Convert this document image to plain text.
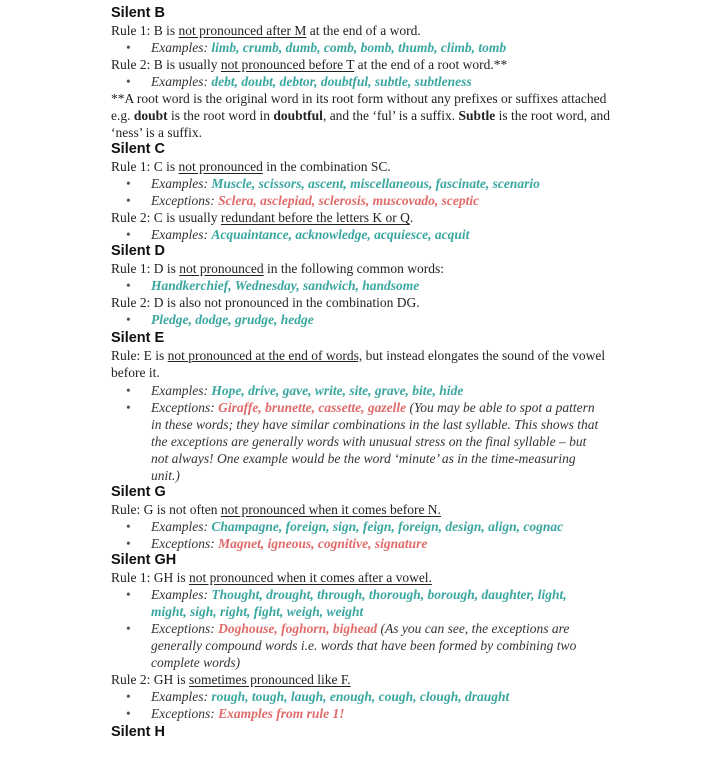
Silent B

Rule 1: B is not pronounced after M at the end of a word.

• Examples: limb, crumb, dumb, comb, bomb, thumb, climb, tomb

Rule 2: B is usually not pronounced before T at the end of a root word.**

• Examples: debt, doubt, debtor, doubtful, subtle, subtleness

**A root word is the original word in its root form without any prefixes or suffixes attached e.g. doubt is the root word in doubtful, and the ‘ful’ is a suffix. Subtle is the root word, and ‘ness’ is a suffix.

Silent C

Rule 1: C is not pronounced in the combination SC.

• Examples: Muscle, scissors, ascent, miscellaneous, fascinate, scenario

• Exceptions: Sclera, asclepiad, sclerosis, muscovado, sceptic

Rule 2: C is usually redundant before the letters K or Q.

• Examples: Acquaintance, acknowledge, acquiesce, acquit

Silent D

Rule 1: D is not pronounced in the following common words:

• Handkerchief, Wednesday, sandwich, handsome

Rule 2: D is also not pronounced in the combination DG.

• Pledge, dodge, grudge, hedge

Silent E

Rule: E is not pronounced at the end of words, but instead elongates the sound of the vowel before it.

• Examples: Hope, drive, gave, write, site, grave, bite, hide

• Exceptions: Giraffe, brunette, cassette, gazelle (You may be able to spot a pattern in these words; they have similar combinations in the last syllable. This shows that the exceptions are generally words with unusual stress on the final syllable – but not always! One example would be the word ‘minute’ as in the time-measuring unit.)

Silent G

Rule: G is not often not pronounced when it comes before N.

• Examples: Champagne, foreign, sign, feign, foreign, design, align, cognac

• Exceptions: Magnet, igneous, cognitive, signature

Silent GH

Rule 1: GH is not pronounced when it comes after a vowel.

• Examples: Thought, drought, through, thorough, borough, daughter, light, might, sigh, right, fight, weigh, weight

• Exceptions: Doghouse, foghorn, bighead (As you can see, the exceptions are generally compound words i.e. words that have been formed by combining two complete words)

Rule 2: GH is sometimes pronounced like F.

• Examples: rough, tough, laugh, enough, cough, clough, draught

• Exceptions: Examples from rule 1!

Silent H
